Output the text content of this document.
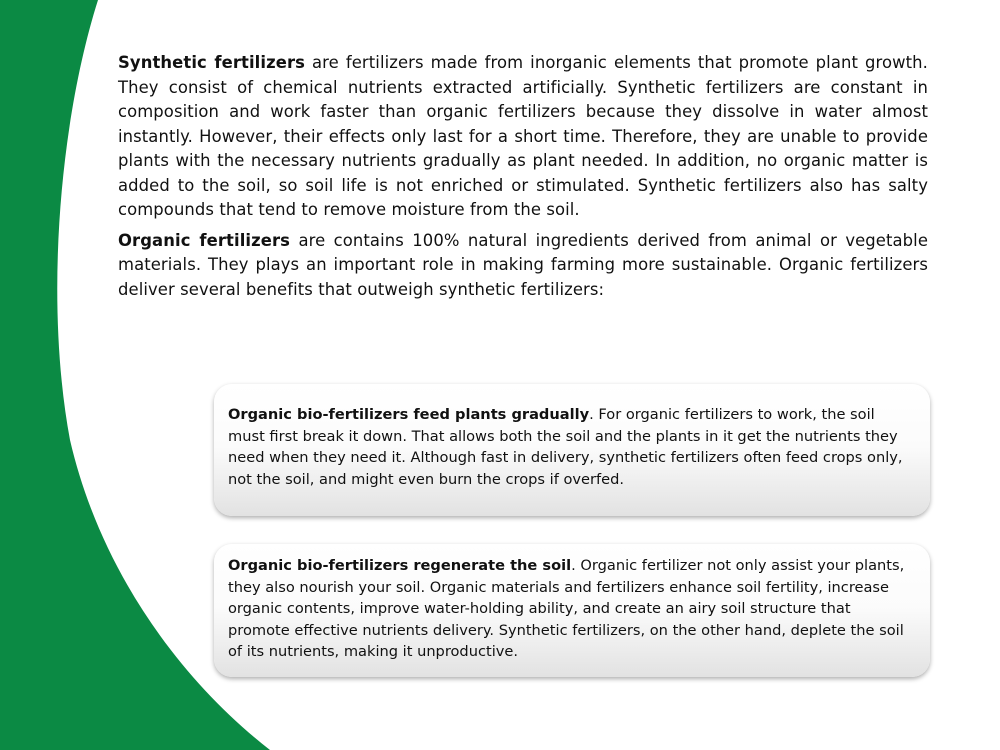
Synthetic fertilizers are fertilizers made from inorganic elements that promote plant growth. They consist of chemical nutrients extracted artificially. Synthetic fertilizers are constant in composition and work faster than organic fertilizers because they dissolve in water almost instantly. However, their effects only last for a short time. Therefore, they are unable to provide plants with the necessary nutrients gradually as plant needed. In addition, no organic matter is added to the soil, so soil life is not enriched or stimulated. Synthetic fertilizers also has salty compounds that tend to remove moisture from the soil.

Organic fertilizers are contains 100% natural ingredients derived from animal or vegetable materials. They plays an important role in making farming more sustainable. Organic fertilizers deliver several benefits that outweigh synthetic fertilizers:

Organic bio-fertilizers feed plants gradually. For organic fertilizers to work, the soil must first break it down. That allows both the soil and the plants in it get the nutrients they need when they need it. Although fast in delivery, synthetic fertilizers often feed crops only, not the soil, and might even burn the crops if overfed.

Organic bio-fertilizers regenerate the soil. Organic fertilizer not only assist your plants, they also nourish your soil. Organic materials and fertilizers enhance soil fertility, increase organic contents, improve water-holding ability, and create an airy soil structure that promote effective nutrients delivery. Synthetic fertilizers, on the other hand, deplete the soil of its nutrients, making it unproductive.
